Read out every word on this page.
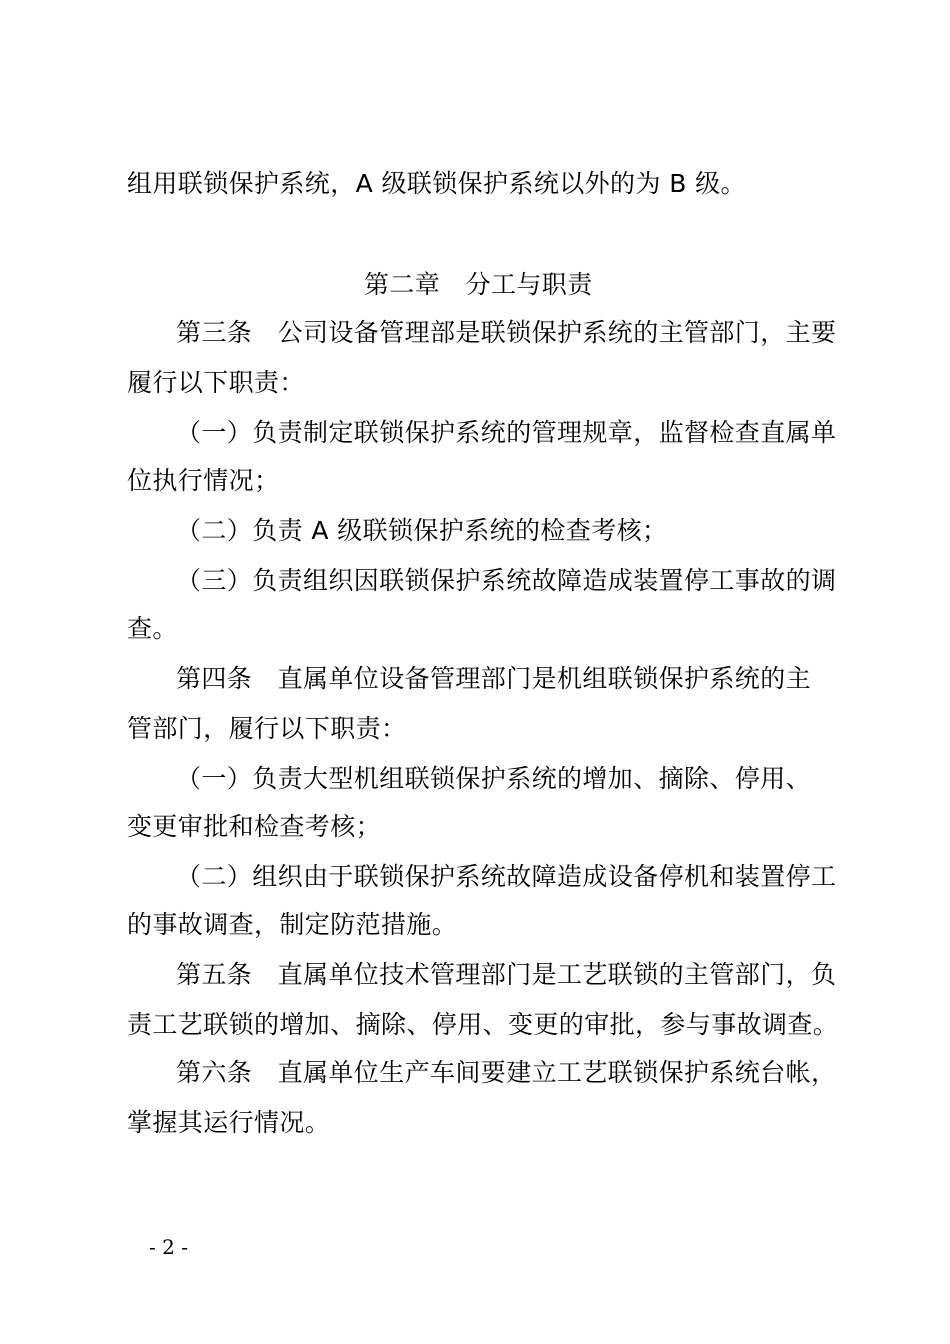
组用联锁保护系统，A 级联锁保护系统以外的为 B 级。
第二章　分工与职责
第三条　公司设备管理部是联锁保护系统的主管部门，主要
履行以下职责：
（一）负责制定联锁保护系统的管理规章，监督检查直属单
位执行情况；
（二）负责 A 级联锁保护系统的检查考核；
（三）负责组织因联锁保护系统故障造成装置停工事故的调
查。
第四条　直属单位设备管理部门是机组联锁保护系统的主
管部门，履行以下职责：
（一）负责大型机组联锁保护系统的增加、摘除、停用、
变更审批和检查考核；
（二）组织由于联锁保护系统故障造成设备停机和装置停工
的事故调查，制定防范措施。
第五条　直属单位技术管理部门是工艺联锁的主管部门，负
责工艺联锁的增加、摘除、停用、变更的审批，参与事故调查。
第六条　直属单位生产车间要建立工艺联锁保护系统台帐，
掌握其运行情况。
- 2 -
